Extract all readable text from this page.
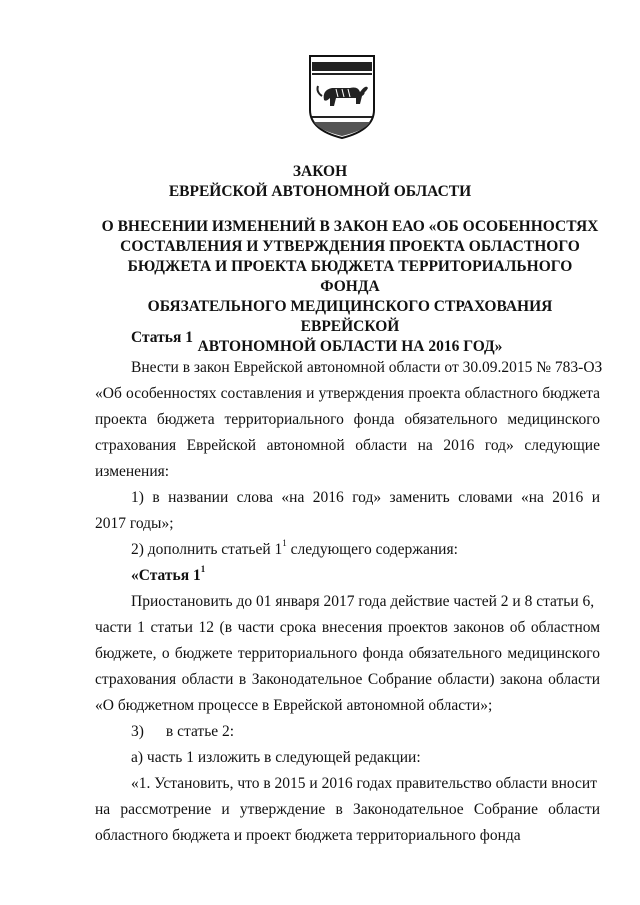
ЗАКОН
ЕВРЕЙСКОЙ АВТОНОМНОЙ ОБЛАСТИ
О ВНЕСЕНИИ ИЗМЕНЕНИЙ В ЗАКОН ЕАО «ОБ ОСОБЕННОСТЯХ
СОСТАВЛЕНИЯ И УТВЕРЖДЕНИЯ ПРОЕКТА ОБЛАСТНОГО
БЮДЖЕТА И ПРОЕКТА БЮДЖЕТА ТЕРРИТОРИАЛЬНОГО ФОНДА
ОБЯЗАТЕЛЬНОГО МЕДИЦИНСКОГО СТРАХОВАНИЯ ЕВРЕЙСКОЙ
АВТОНОМНОЙ ОБЛАСТИ НА 2016 ГОД»
Статья 1
Внести в закон Еврейской автономной области от 30.09.2015 № 783-ОЗ
«Об особенностях составления и утверждения проекта областного бюджета
проекта бюджета территориального фонда обязательного медицинского
страхования Еврейской автономной области на 2016 год» следующие
изменения:
1) в названии слова «на 2016 год» заменить словами «на 2016 и
2017 годы»;
2) дополнить статьей $1^1$ следующего содержания:
«Статья $1^1$
Приостановить до 01 января 2017 года действие частей 2 и 8 статьи 6,
части 1 статьи 12 (в части срока внесения проектов законов об областном
бюджете, о бюджете территориального фонда обязательного медицинского
страхования области в Законодательное Собрание области) закона области
«О бюджетном процессе в Еврейской автономной области»;
3) в статье 2:
а) часть 1 изложить в следующей редакции:
«1. Установить, что в 2015 и 2016 годах правительство области вносит
на рассмотрение и утверждение в Законодательное Собрание области
областного бюджета и проект бюджета территориального фонда
